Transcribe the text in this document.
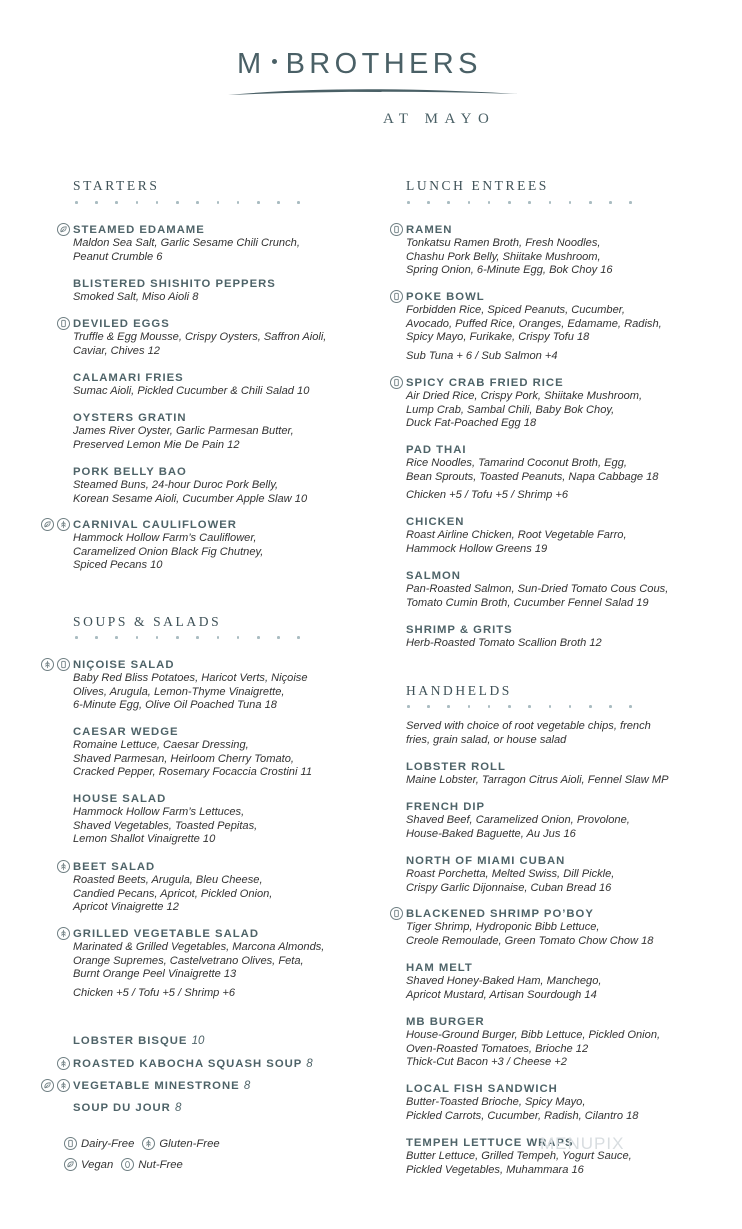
M BROTHERS
AT MAYO
STARTERS
STEAMED EDAMAME
Maldon Sea Salt, Garlic Sesame Chili Crunch,
Peanut Crumble 6
BLISTERED SHISHITO PEPPERS
Smoked Salt, Miso Aioli 8
DEVILED EGGS
Truffle & Egg Mousse, Crispy Oysters, Saffron Aioli,
Caviar, Chives 12
CALAMARI FRIES
Sumac Aioli, Pickled Cucumber & Chili Salad 10
OYSTERS GRATIN
James River Oyster, Garlic Parmesan Butter,
Preserved Lemon Mie De Pain 12
PORK BELLY BAO
Steamed Buns, 24-hour Duroc Pork Belly,
Korean Sesame Aioli, Cucumber Apple Slaw 10
CARNIVAL CAULIFLOWER
Hammock Hollow Farm’s Cauliflower,
Caramelized Onion Black Fig Chutney,
Spiced Pecans 10
SOUPS & SALADS
NIÇOISE SALAD
Baby Red Bliss Potatoes, Haricot Verts, Niçoise
Olives, Arugula, Lemon-Thyme Vinaigrette,
6-Minute Egg, Olive Oil Poached Tuna 18
CAESAR WEDGE
Romaine Lettuce, Caesar Dressing,
Shaved Parmesan, Heirloom Cherry Tomato,
Cracked Pepper, Rosemary Focaccia Crostini 11
HOUSE SALAD
Hammock Hollow Farm’s Lettuces,
Shaved Vegetables, Toasted Pepitas,
Lemon Shallot Vinaigrette 10
BEET SALAD
Roasted Beets, Arugula, Bleu Cheese,
Candied Pecans, Apricot, Pickled Onion,
Apricot Vinaigrette 12
GRILLED VEGETABLE SALAD
Marinated & Grilled Vegetables, Marcona Almonds,
Orange Supremes, Castelvetrano Olives, Feta,
Burnt Orange Peel Vinaigrette 13
Chicken +5 / Tofu +5 / Shrimp +6
LOBSTER BISQUE 10
ROASTED KABOCHA SQUASH SOUP 8
VEGETABLE MINESTRONE 8
SOUP DU JOUR 8
LUNCH ENTREES
RAMEN
Tonkatsu Ramen Broth, Fresh Noodles,
Chashu Pork Belly, Shiitake Mushroom,
Spring Onion, 6-Minute Egg, Bok Choy 16
POKE BOWL
Forbidden Rice, Spiced Peanuts, Cucumber,
Avocado, Puffed Rice, Oranges, Edamame, Radish,
Spicy Mayo, Furikake, Crispy Tofu 18
Sub Tuna + 6 / Sub Salmon +4
SPICY CRAB FRIED RICE
Air Dried Rice, Crispy Pork, Shiitake Mushroom,
Lump Crab, Sambal Chili, Baby Bok Choy,
Duck Fat-Poached Egg 18
PAD THAI
Rice Noodles, Tamarind Coconut Broth, Egg,
Bean Sprouts, Toasted Peanuts, Napa Cabbage 18
Chicken +5 / Tofu +5 / Shrimp +6
CHICKEN
Roast Airline Chicken, Root Vegetable Farro,
Hammock Hollow Greens 19
SALMON
Pan-Roasted Salmon, Sun-Dried Tomato Cous Cous,
Tomato Cumin Broth, Cucumber Fennel Salad 19
SHRIMP & GRITS
Herb-Roasted Tomato Scallion Broth 12
HANDHELDS
Served with choice of root vegetable chips, french
fries, grain salad, or house salad
LOBSTER ROLL
Maine Lobster, Tarragon Citrus Aioli, Fennel Slaw MP
FRENCH DIP
Shaved Beef, Caramelized Onion, Provolone,
House-Baked Baguette, Au Jus 16
NORTH OF MIAMI CUBAN
Roast Porchetta, Melted Swiss, Dill Pickle,
Crispy Garlic Dijonnaise, Cuban Bread 16
BLACKENED SHRIMP PO’BOY
Tiger Shrimp, Hydroponic Bibb Lettuce,
Creole Remoulade, Green Tomato Chow Chow 18
HAM MELT
Shaved Honey-Baked Ham, Manchego,
Apricot Mustard, Artisan Sourdough 14
MB BURGER
House-Ground Burger, Bibb Lettuce, Pickled Onion,
Oven-Roasted Tomatoes, Brioche 12
Thick-Cut Bacon +3 / Cheese +2
LOCAL FISH SANDWICH
Butter-Toasted Brioche, Spicy Mayo,
Pickled Carrots, Cucumber, Radish, Cilantro 18
TEMPEH LETTUCE WRAPS
Butter Lettuce, Grilled Tempeh, Yogurt Sauce,
Pickled Vegetables, Muhammara 16
Dairy-Free Gluten-Free
Vegan Nut-Free
MENUPIX
